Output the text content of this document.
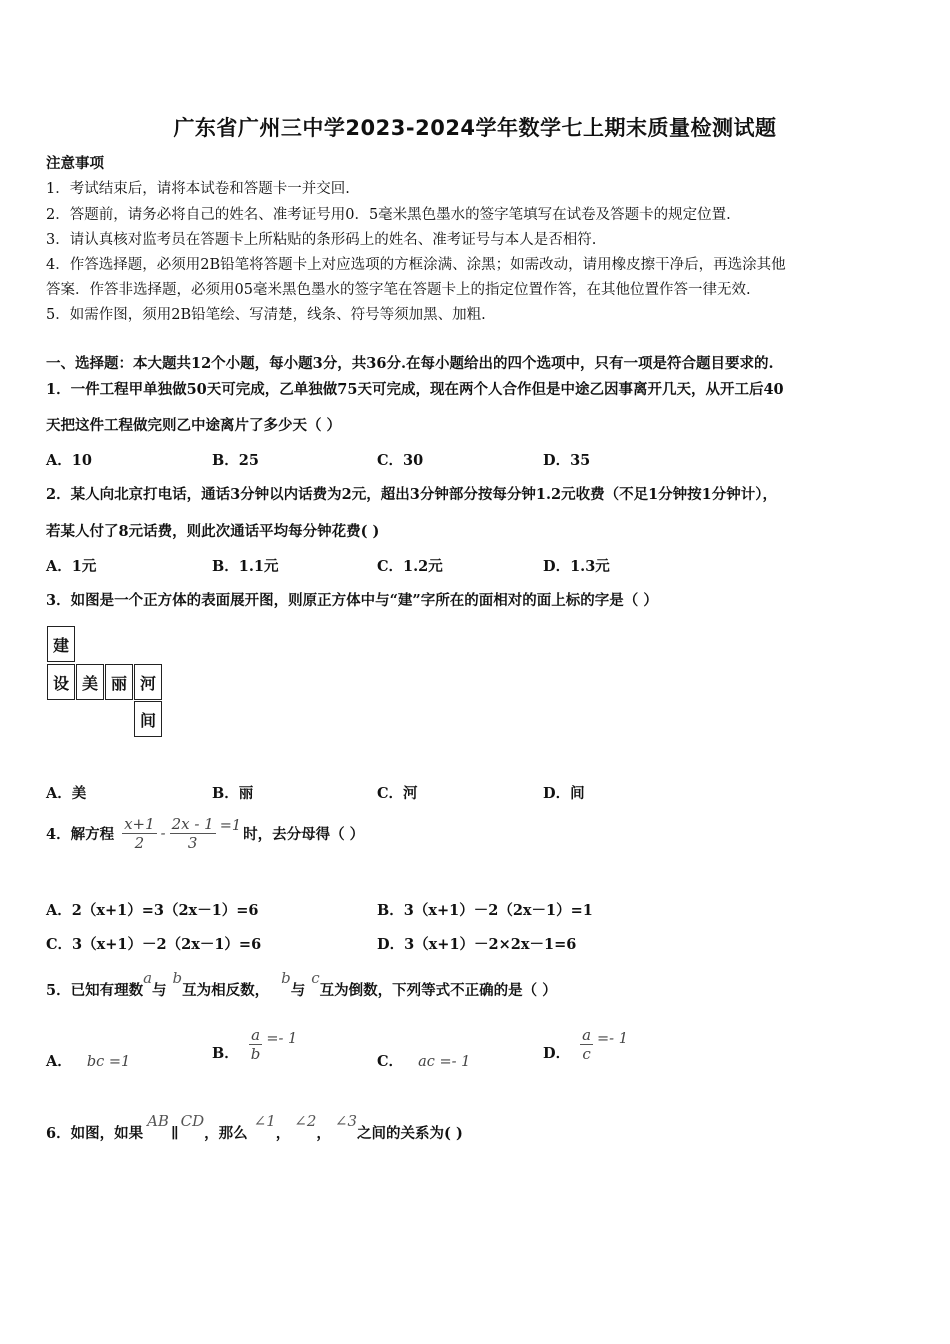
广东省广州三中学2023-2024学年数学七上期末质量检测试题
注意事项
1．考试结束后，请将本试卷和答题卡一并交回.
2．答题前，请务必将自己的姓名、准考证号用0．5毫米黑色墨水的签字笔填写在试卷及答题卡的规定位置.
3．请认真核对监考员在答题卡上所粘贴的条形码上的姓名、准考证号与本人是否相符.
4．作答选择题，必须用2B铅笔将答题卡上对应选项的方框涂满、涂黑；如需改动，请用橡皮擦干净后，再选涂其他
答案．作答非选择题，必须用05毫米黑色墨水的签字笔在答题卡上的指定位置作答，在其他位置作答一律无效.
5．如需作图，须用2B铅笔绘、写清楚，线条、符号等须加黑、加粗.
一、选择题：本大题共12个小题，每小题3分，共36分.在每小题给出的四个选项中，只有一项是符合题目要求的.
1．一件工程甲单独做50天可完成，乙单独做75天可完成，现在两个人合作但是中途乙因事离开几天，从开工后40
天把这件工程做完则乙中途离片了多少天（ ）
A．10	B．25	C．30	D．35
2．某人向北京打电话，通话3分钟以内话费为2元，超出3分钟部分按每分钟1.2元收费（不足1分钟按1分钟计），
若某人付了8元话费，则此次通话平均每分钟花费( )
A．1元	B．1.1元	C．1.2元	D．1.3元
3．如图是一个正方体的表面展开图，则原正方体中与“建”字所在的面相对的面上标的字是（ ）
建
设 美 丽 河
间
A．美	B．丽	C．河	D．间
4．解方程 $\frac{x+1}{2} - \frac{2x - 1}{3} =1$
时，去分母得（ ）
A．2（x+1）=3（2x－1）=6	B．3（x+1）－2（2x－1）=1
C．3（x+1）－2（2x－1）=6	D．3（x+1）－2×2x－1=6
5．已知有理数a与b互为相反数，b与c互为倒数，下列等式不正确的是（ ）
A． bc =1	B． $\frac{a}{b} =- 1$
C． ac =- 1	D． $\frac{a}{c} =- 1$
6．如图，如果AB∥CD，那么∠1，∠2，∠3之间的关系为( )
